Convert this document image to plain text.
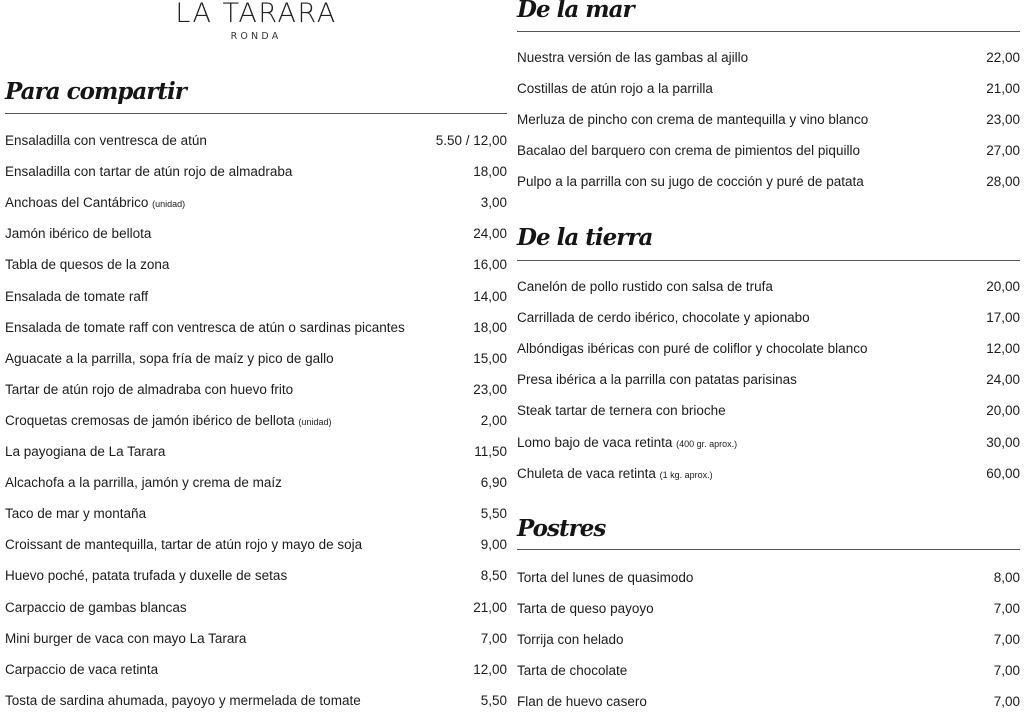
LA TARARA
RONDA
Para compartir
Ensaladilla con ventresca de atún	5.50 / 12,00
Ensaladilla con tartar de atún rojo de almadraba	18,00
Anchoas del Cantábrico (unidad)	3,00
Jamón ibérico de bellota	24,00
Tabla de quesos de la zona	16,00
Ensalada de tomate raff	14,00
Ensalada de tomate raff con ventresca de atún o sardinas picantes	18,00
Aguacate a la parrilla, sopa fría de maíz y pico de gallo	15,00
Tartar de atún rojo de almadraba con huevo frito	23,00
Croquetas cremosas de jamón ibérico de bellota (unidad)	2,00
La payogiana de La Tarara	11,50
Alcachofa a la parrilla, jamón y crema de maíz	6,90
Taco de mar y montaña	5,50
Croissant de mantequilla, tartar de atún rojo y mayo de soja	9,00
Huevo poché, patata trufada y duxelle de setas	8,50
Carpaccio de gambas blancas	21,00
Mini burger de vaca con mayo La Tarara	7,00
Carpaccio de vaca retinta	12,00
Tosta de sardina ahumada, payoyo y mermelada de tomate	5,50
De la mar
Nuestra versión de las gambas al ajillo	22,00
Costillas de atún rojo a la parrilla	21,00
Merluza de pincho con crema de mantequilla y vino blanco	23,00
Bacalao del barquero con crema de pimientos del piquillo	27,00
Pulpo a la parrilla con su jugo de cocción y puré de patata	28,00
De la tierra
Canelón de pollo rustido con salsa de trufa	20,00
Carrillada de cerdo ibérico, chocolate y apionabo	17,00
Albóndigas ibéricas con puré de coliflor y chocolate blanco	12,00
Presa ibérica a la parrilla con patatas parisinas	24,00
Steak tartar de ternera con brioche	20,00
Lomo bajo de vaca retinta (400 gr. aprox.)	30,00
Chuleta de vaca retinta (1 kg. aprox.)	60,00
Postres
Torta del lunes de quasimodo	8,00
Tarta de queso payoyo	7,00
Torrija con helado	7,00
Tarta de chocolate	7,00
Flan de huevo casero	7,00
